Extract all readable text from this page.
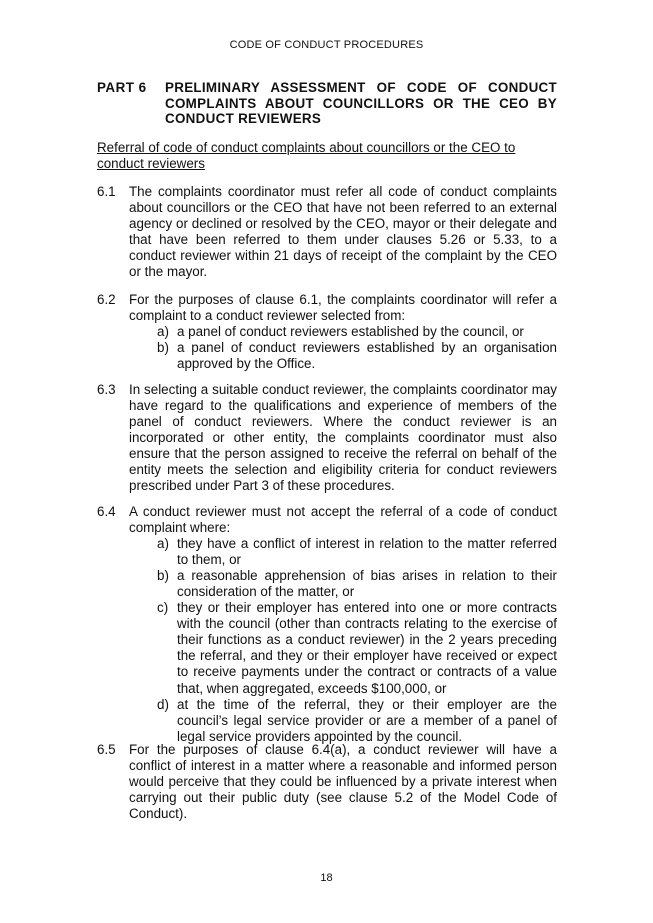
CODE OF CONDUCT PROCEDURES
PART 6	PRELIMINARY ASSESSMENT OF CODE OF CONDUCT COMPLAINTS ABOUT COUNCILLORS OR THE CEO BY CONDUCT REVIEWERS
Referral of code of conduct complaints about councillors or the CEO to conduct reviewers
6.1 The complaints coordinator must refer all code of conduct complaints about councillors or the CEO that have not been referred to an external agency or declined or resolved by the CEO, mayor or their delegate and that have been referred to them under clauses 5.26 or 5.33, to a conduct reviewer within 21 days of receipt of the complaint by the CEO or the mayor.
6.2 For the purposes of clause 6.1, the complaints coordinator will refer a complaint to a conduct reviewer selected from:
a) a panel of conduct reviewers established by the council, or
b) a panel of conduct reviewers established by an organisation approved by the Office.
6.3 In selecting a suitable conduct reviewer, the complaints coordinator may have regard to the qualifications and experience of members of the panel of conduct reviewers. Where the conduct reviewer is an incorporated or other entity, the complaints coordinator must also ensure that the person assigned to receive the referral on behalf of the entity meets the selection and eligibility criteria for conduct reviewers prescribed under Part 3 of these procedures.
6.4 A conduct reviewer must not accept the referral of a code of conduct complaint where:
a) they have a conflict of interest in relation to the matter referred to them, or
b) a reasonable apprehension of bias arises in relation to their consideration of the matter, or
c) they or their employer has entered into one or more contracts with the council (other than contracts relating to the exercise of their functions as a conduct reviewer) in the 2 years preceding the referral, and they or their employer have received or expect to receive payments under the contract or contracts of a value that, when aggregated, exceeds $100,000, or
d) at the time of the referral, they or their employer are the council’s legal service provider or are a member of a panel of legal service providers appointed by the council.
6.5 For the purposes of clause 6.4(a), a conduct reviewer will have a conflict of interest in a matter where a reasonable and informed person would perceive that they could be influenced by a private interest when carrying out their public duty (see clause 5.2 of the Model Code of Conduct).
18
